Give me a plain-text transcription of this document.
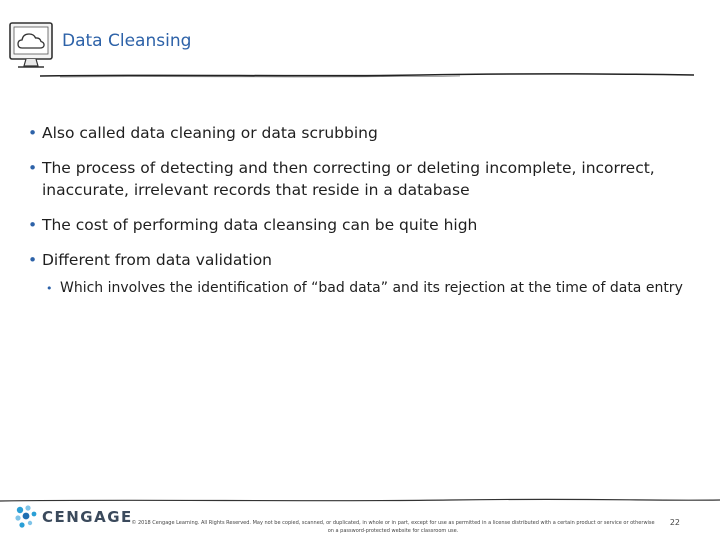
Data Cleansing
• Also called data cleaning or data scrubbing
• The process of detecting and then correcting or deleting incomplete, incorrect, inaccurate, irrelevant records that reside in a database
• The cost of performing data cleansing can be quite high
• Different from data validation
• Which involves the identification of “bad data” and its rejection at the time of data entry
CENGAGE
© 2018 Cengage Learning. All Rights Reserved. May not be copied, scanned, or duplicated, in whole or in part, except for use as permitted in a license distributed with a certain product or service or otherwise on a password-protected website for classroom use.
22
